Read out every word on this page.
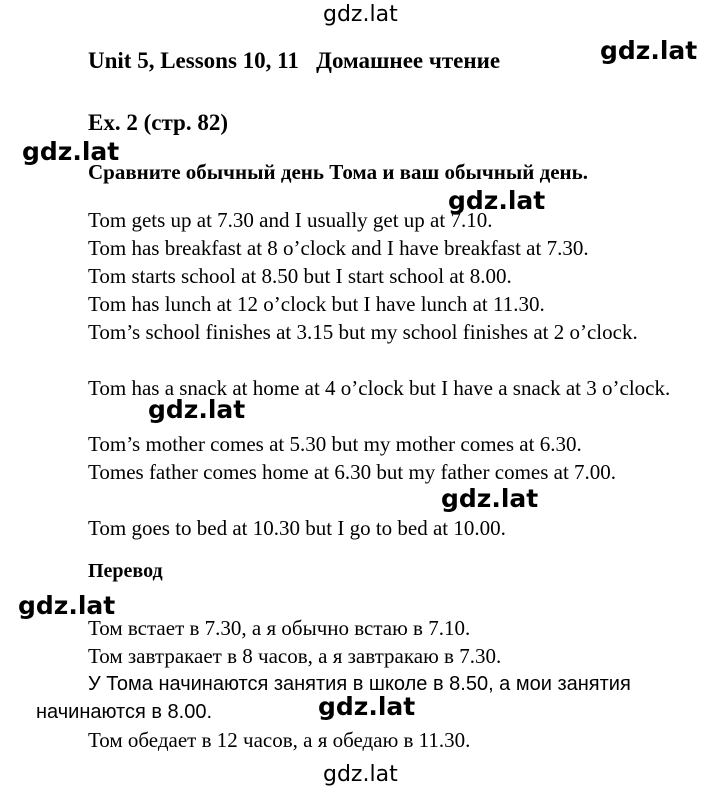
gdz.lat
gdz.lat
gdz.lat
gdz.lat
gdz.lat
gdz.lat
gdz.lat
gdz.lat
gdz.lat
Unit 5, Lessons 10, 11   Домашнее чтение
Ex. 2 (стр. 82)
Сравните обычный день Тома и ваш обычный день.

Tom gets up at 7.30 and I usually get up at 7.10.

Tom has breakfast at 8 o’clock and I have breakfast at 7.30.

Tom starts school at 8.50 but I start school at 8.00.

Tom has lunch at 12 o’clock but I have lunch at 11.30.

Tom’s school finishes at 3.15 but my school finishes at 2 o’clock.

Tom has a snack at home at 4 o’clock but I have a snack at 3 o’clock.

Tom’s mother comes at 5.30 but my mother comes at 6.30.

Tomes father comes home at 6.30 but my father comes at 7.00.

Tom goes to bed at 10.30 but I go to bed at 10.00.

Перевод

Том встает в 7.30, а я обычно встаю в 7.10.

Том завтракает в 8 часов, а я завтракаю в 7.30.

У Тома начинаются занятия в школе в 8.50, а мои занятия начинаются в 8.00.

Том обедает в 12 часов, а я обедаю в 11.30.
